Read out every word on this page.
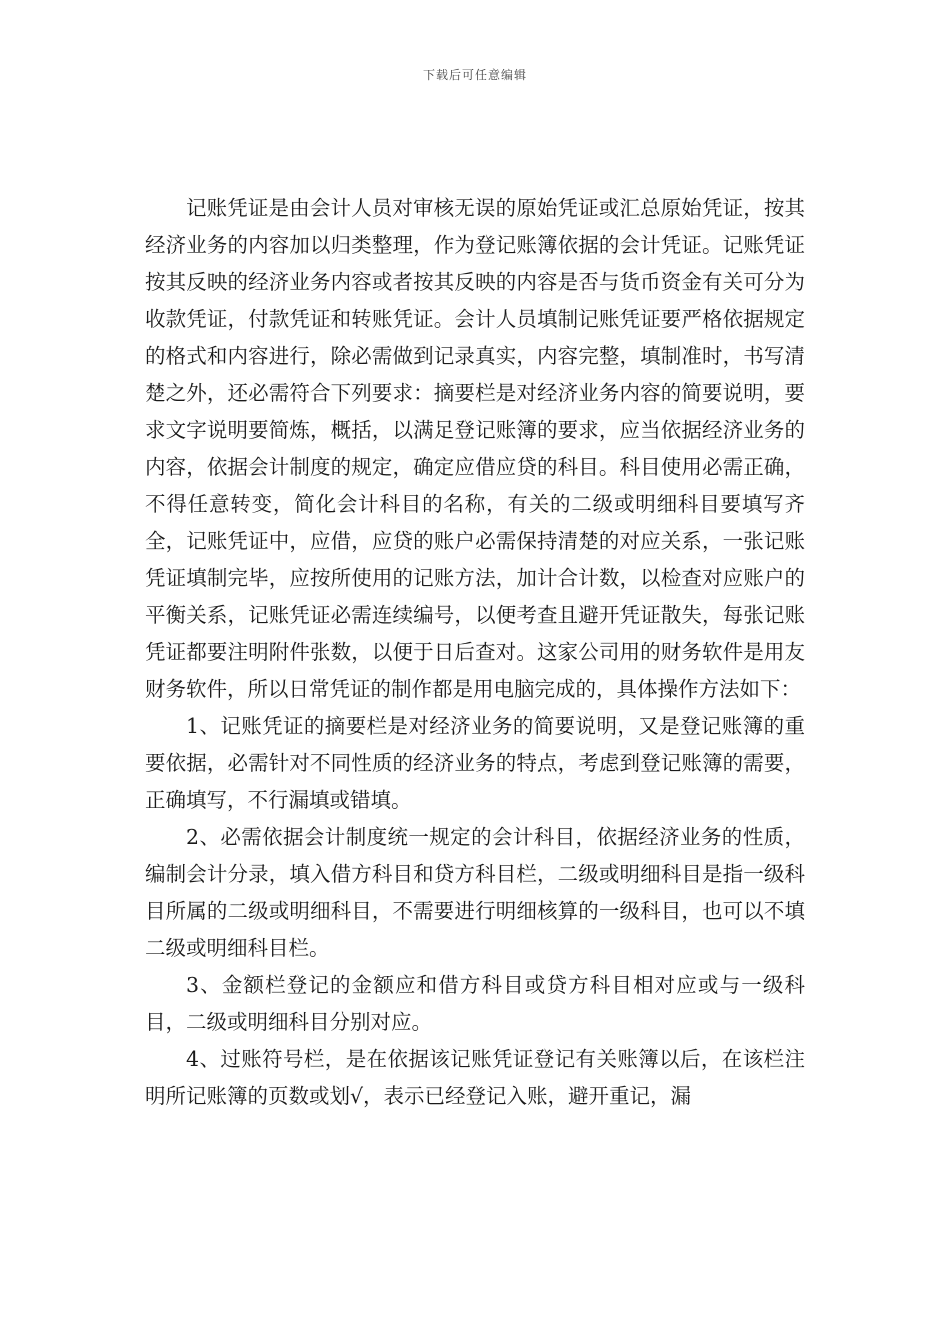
下载后可任意编辑

记账凭证是由会计人员对审核无误的原始凭证或汇总原始凭证，按其经济业务的内容加以归类整理，作为登记账簿依据的会计凭证。记账凭证按其反映的经济业务内容或者按其反映的内容是否与货币资金有关可分为收款凭证，付款凭证和转账凭证。会计人员填制记账凭证要严格依据规定的格式和内容进行，除必需做到记录真实，内容完整，填制准时，书写清楚之外，还必需符合下列要求：摘要栏是对经济业务内容的简要说明，要求文字说明要简炼，概括，以满足登记账簿的要求，应当依据经济业务的内容，依据会计制度的规定，确定应借应贷的科目。科目使用必需正确，不得任意转变，简化会计科目的名称，有关的二级或明细科目要填写齐全，记账凭证中，应借，应贷的账户必需保持清楚的对应关系，一张记账凭证填制完毕，应按所使用的记账方法，加计合计数，以检查对应账户的平衡关系，记账凭证必需连续编号，以便考查且避开凭证散失，每张记账凭证都要注明附件张数，以便于日后查对。这家公司用的财务软件是用友财务软件，所以日常凭证的制作都是用电脑完成的，具体操作方法如下：

1、记账凭证的摘要栏是对经济业务的简要说明，又是登记账簿的重要依据，必需针对不同性质的经济业务的特点，考虑到登记账簿的需要，正确填写，不行漏填或错填。

2、必需依据会计制度统一规定的会计科目，依据经济业务的性质，编制会计分录，填入借方科目和贷方科目栏，二级或明细科目是指一级科目所属的二级或明细科目，不需要进行明细核算的一级科目，也可以不填二级或明细科目栏。

3、金额栏登记的金额应和借方科目或贷方科目相对应或与一级科目，二级或明细科目分别对应。

4、过账符号栏，是在依据该记账凭证登记有关账簿以后，在该栏注明所记账簿的页数或划√，表示已经登记入账，避开重记，漏
